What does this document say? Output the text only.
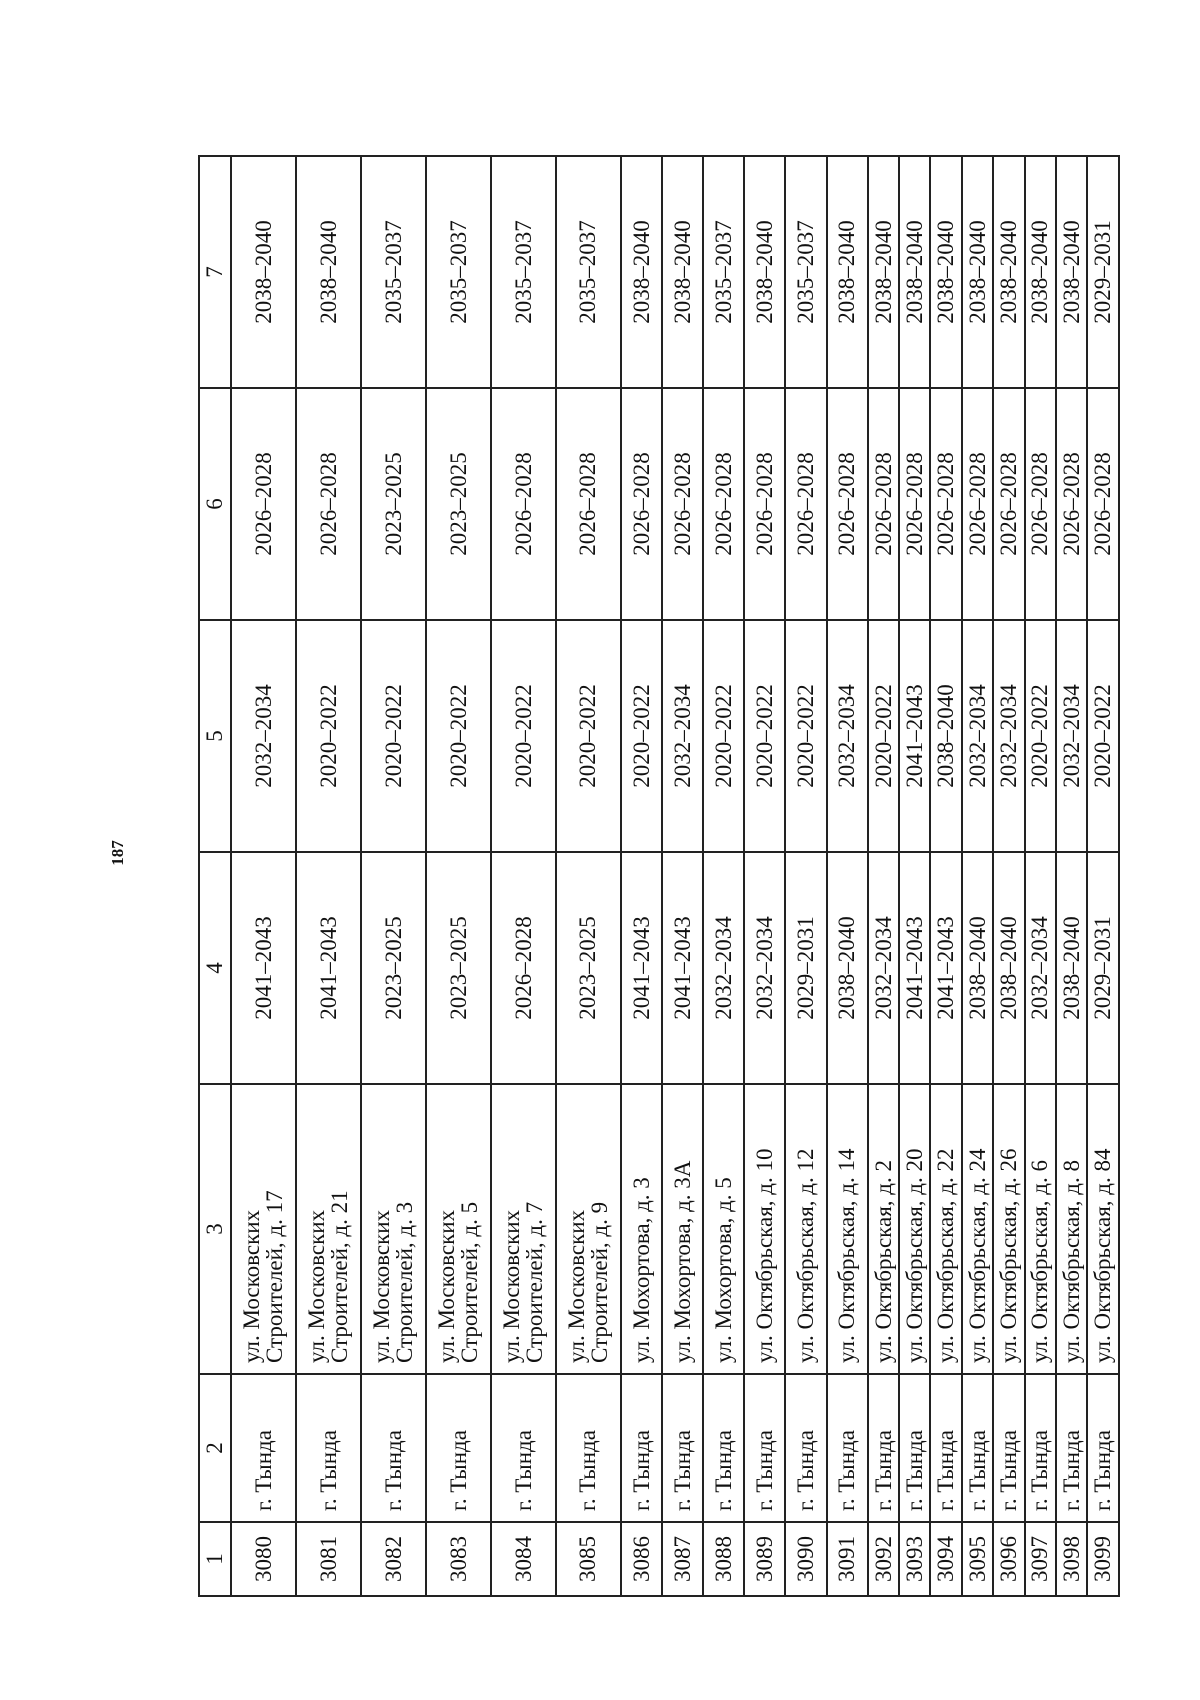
187
1	2	3	4	5	6	7
3080	г. Тында	ул. Московских
Строителей, д. 17	2041–2043	2032–2034	2026–2028	2038–2040
3081	г. Тында	ул. Московских
Строителей, д. 21	2041–2043	2020–2022	2026–2028	2038–2040
3082	г. Тында	ул. Московских
Строителей, д. 3	2023–2025	2020–2022	2023–2025	2035–2037
3083	г. Тында	ул. Московских
Строителей, д. 5	2023–2025	2020–2022	2023–2025	2035–2037
3084	г. Тында	ул. Московских
Строителей, д. 7	2026–2028	2020–2022	2026–2028	2035–2037
3085	г. Тында	ул. Московских
Строителей, д. 9	2023–2025	2020–2022	2026–2028	2035–2037
3086	г. Тында	ул. Мохортова, д. 3	2041–2043	2020–2022	2026–2028	2038–2040
3087	г. Тында	ул. Мохортова, д. 3А	2041–2043	2032–2034	2026–2028	2038–2040
3088	г. Тында	ул. Мохортова, д. 5	2032–2034	2020–2022	2026–2028	2035–2037
3089	г. Тында	ул. Октябрьская, д. 10	2032–2034	2020–2022	2026–2028	2038–2040
3090	г. Тында	ул. Октябрьская, д. 12	2029–2031	2020–2022	2026–2028	2035–2037
3091	г. Тында	ул. Октябрьская, д. 14	2038–2040	2032–2034	2026–2028	2038–2040
3092	г. Тында	ул. Октябрьская, д. 2	2032–2034	2020–2022	2026–2028	2038–2040
3093	г. Тында	ул. Октябрьская, д. 20	2041–2043	2041–2043	2026–2028	2038–2040
3094	г. Тында	ул. Октябрьская, д. 22	2041–2043	2038–2040	2026–2028	2038–2040
3095	г. Тында	ул. Октябрьская, д. 24	2038–2040	2032–2034	2026–2028	2038–2040
3096	г. Тында	ул. Октябрьская, д. 26	2038–2040	2032–2034	2026–2028	2038–2040
3097	г. Тында	ул. Октябрьская, д. 6	2032–2034	2020–2022	2026–2028	2038–2040
3098	г. Тында	ул. Октябрьская, д. 8	2038–2040	2032–2034	2026–2028	2038–2040
3099	г. Тында	ул. Октябрьская, д. 84	2029–2031	2020–2022	2026–2028	2029–2031
